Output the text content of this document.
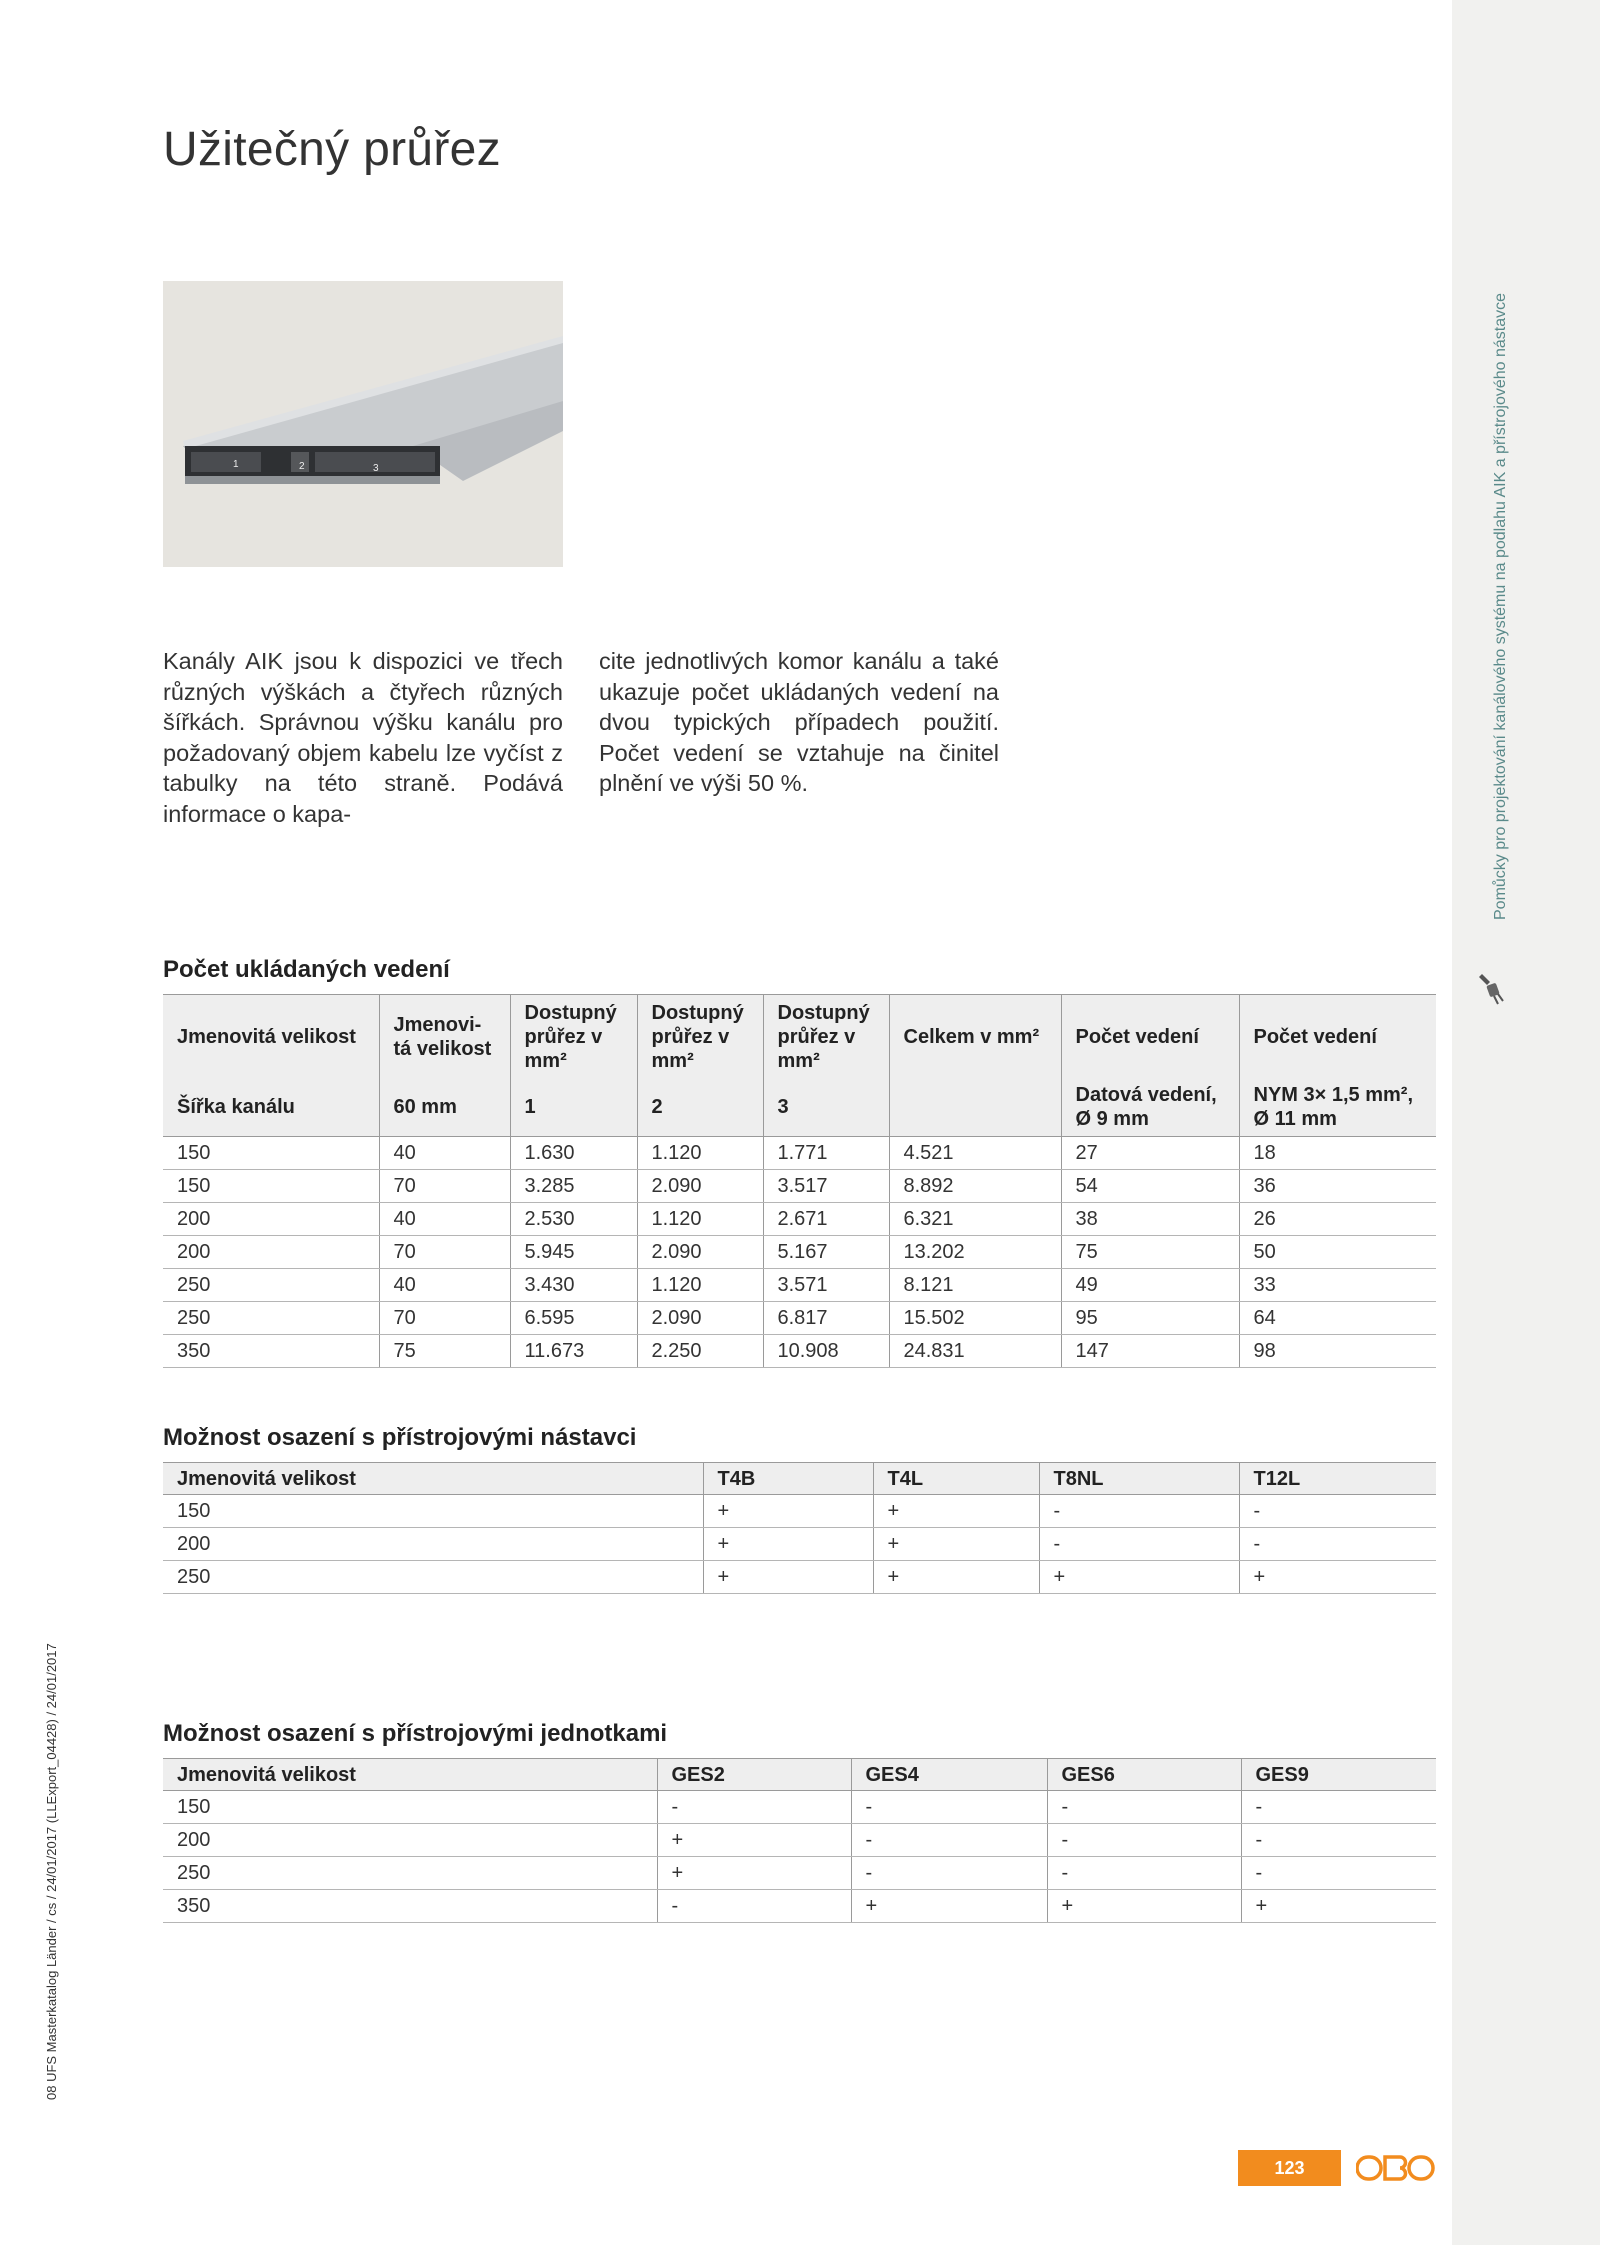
Pomůcky pro projektování kanálového systému na podlahu AIK a přístrojového nástavce
08 UFS Masterkatalog Länder / cs / 24/01/2017 (LLExport_04428) / 24/01/2017
Užitečný průřez
1	2	3
Kanály AIK jsou k dispozici ve třech různých výškách a čtyřech různých šířkách. Správnou výšku kanálu pro požadovaný objem kabelu lze vyčíst z tabulky na této straně. Podává informace o kapa-
cite jednotlivých komor kanálu a také ukazuje počet ukládaných vedení na dvou typických případech použití. Počet vedení se vztahuje na činitel plnění ve výši 50 %.
Počet ukládaných vedení
Jmenovitá velikost	Jmenovi-tá velikost	Dostupný průřez v mm²	Dostupný průřez v mm²	Dostupný průřez v mm²	Celkem v mm²	Počet vedení	Počet vedení
Šířka kanálu	60 mm	1	2	3		Datová vedení, Ø 9 mm	NYM 3× 1,5 mm², Ø 11 mm
150	40	1.630	1.120	1.771	4.521	27	18
150	70	3.285	2.090	3.517	8.892	54	36
200	40	2.530	1.120	2.671	6.321	38	26
200	70	5.945	2.090	5.167	13.202	75	50
250	40	3.430	1.120	3.571	8.121	49	33
250	70	6.595	2.090	6.817	15.502	95	64
350	75	11.673	2.250	10.908	24.831	147	98
Možnost osazení s přístrojovými nástavci
Jmenovitá velikost	T4B	T4L	T8NL	T12L
150	+	+	-	-
200	+	+	-	-
250	+	+	+	+
Možnost osazení s přístrojovými jednotkami
Jmenovitá velikost	GES2	GES4	GES6	GES9
150	-	-	-	-
200	+	-	-	-
250	+	-	-	-
350	-	+	+	+
123
